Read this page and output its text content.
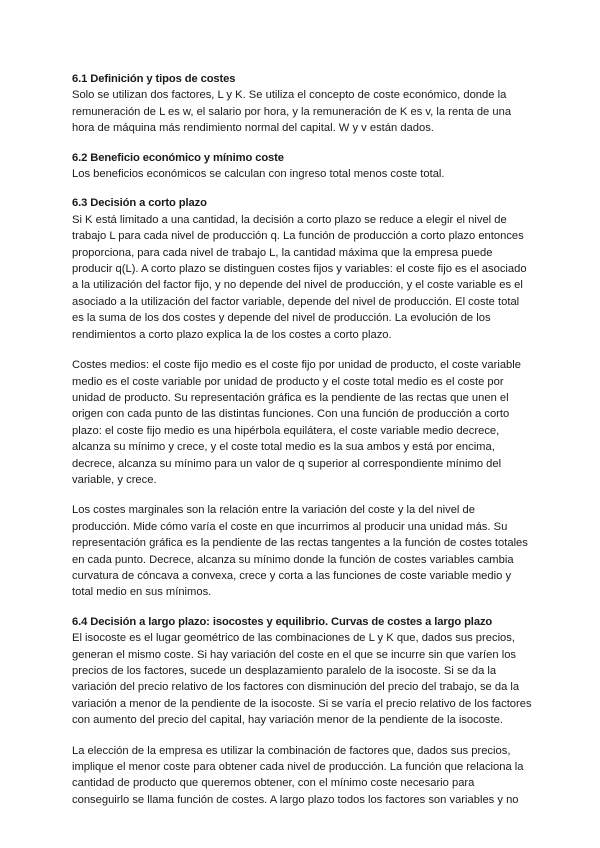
6.1 Definición y tipos de costes

Solo se utilizan dos factores, L y K. Se utiliza el concepto de coste económico, donde la remuneración de L es w, el salario por hora, y la remuneración de K es v, la renta de una hora de máquina más rendimiento normal del capital. W y v están dados.

6.2 Beneficio económico y mínimo coste

Los beneficios económicos se calculan con ingreso total menos coste total.

6.3 Decisión a corto plazo

Si K está limitado a una cantidad, la decisión a corto plazo se reduce a elegir el nivel de trabajo L para cada nivel de producción q. La función de producción a corto plazo entonces proporciona, para cada nivel de trabajo L, la cantidad máxima que la empresa puede producir q(L). A corto plazo se distinguen costes fijos y variables: el coste fijo es el asociado a la utilización del factor fijo, y no depende del nivel de producción, y el coste variable es el asociado a la utilización del factor variable, depende del nivel de producción. El coste total es la suma de los dos costes y depende del nivel de producción. La evolución de los rendimientos a corto plazo explica la de los costes a corto plazo.

Costes medios: el coste fijo medio es el coste fijo por unidad de producto, el coste variable medio es el coste variable por unidad de producto y el coste total medio es el coste por unidad de producto. Su representación gráfica es la pendiente de las rectas que unen el origen con cada punto de las distintas funciones. Con una función de producción a corto plazo: el coste fijo medio es una hipérbola equilátera, el coste variable medio decrece, alcanza su mínimo y crece, y el coste total medio es la sua ambos y está por encima, decrece, alcanza su mínimo para un valor de q superior al correspondiente mínimo del variable, y crece.

Los costes marginales son la relación entre la variación del coste y la del nivel de producción. Mide cómo varía el coste en que incurrimos al producir una unidad más. Su representación gráfica es la pendiente de las rectas tangentes a la función de costes totales en cada punto. Decrece, alcanza su mínimo donde la función de costes variables cambia curvatura de cóncava a convexa, crece y corta a las funciones de coste variable medio y total medio en sus mínimos.

6.4 Decisión a largo plazo: isocostes y equilibrio. Curvas de costes a largo plazo

El isocoste es el lugar geométrico de las combinaciones de L y K que, dados sus precios, generan el mismo coste. Si hay variación del coste en el que se incurre sin que varíen los precios de los factores, sucede un desplazamiento paralelo de la isocoste. Si se da la variación del precio relativo de los factores con disminución del precio del trabajo, se da la variación a menor de la pendiente de la isocoste. Si se varía el precio relativo de los factores con aumento del precio del capital, hay variación menor de la pendiente de la isocoste.

La elección de la empresa es utilizar la combinación de factores que, dados sus precios, implique el menor coste para obtener cada nivel de producción. La función que relaciona la cantidad de producto que queremos obtener, con el mínimo coste necesario para conseguirlo se llama función de costes. A largo plazo todos los factores son variables y no
